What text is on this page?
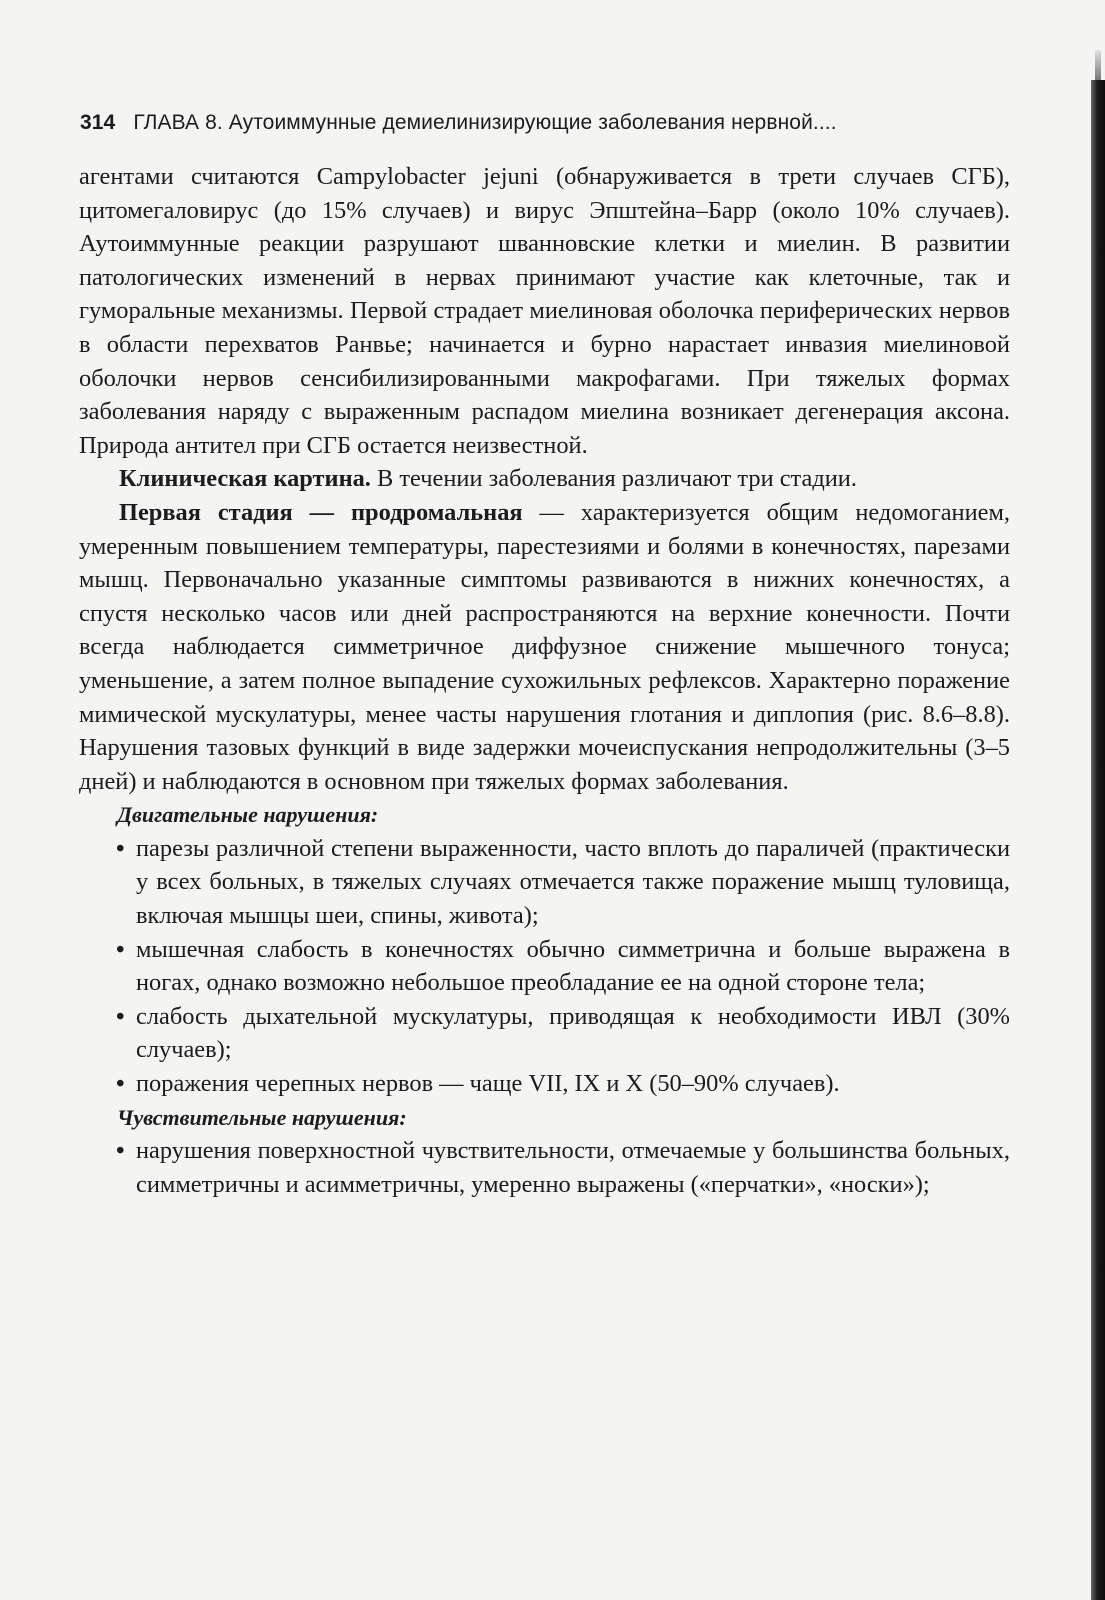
314 ГЛАВА 8. Аутоиммунные демиелинизирующие заболевания нервной....

агентами считаются Campylobacter jejuni (обнаруживается в трети случаев СГБ), цитомегаловирус (до 15% случаев) и вирус Эпштейна–Барр (около 10% случаев). Аутоиммунные реакции разрушают шванновские клетки и миелин. В развитии патологических изменений в нервах принимают участие как клеточные, так и гуморальные механизмы. Первой страдает миелиновая оболочка периферических нервов в области перехватов Ранвье; начинается и бурно нарастает инвазия миелиновой оболочки нервов сенсибилизированными макрофагами. При тяжелых формах заболевания наряду с выраженным распадом миелина возникает дегенерация аксона. Природа антител при СГБ остается неизвестной.

Клиническая картина. В течении заболевания различают три стадии.

Первая стадия — продромальная — характеризуется общим недомоганием, умеренным повышением температуры, парестезиями и болями в конечностях, парезами мышц. Первоначально указанные симптомы развиваются в нижних конечностях, а спустя несколько часов или дней распространяются на верхние конечности. Почти всегда наблюдается симметричное диффузное снижение мышечного тонуса; уменьшение, а затем полное выпадение сухожильных рефлексов. Характерно поражение мимической мускулатуры, менее часты нарушения глотания и диплопия (рис. 8.6–8.8). Нарушения тазовых функций в виде задержки мочеиспускания непродолжительны (3–5 дней) и наблюдаются в основном при тяжелых формах заболевания.

Двигательные нарушения:

• парезы различной степени выраженности, часто вплоть до параличей (практически у всех больных, в тяжелых случаях отмечается также поражение мышц туловища, включая мышцы шеи, спины, живота);
• мышечная слабость в конечностях обычно симметрична и больше выражена в ногах, однако возможно небольшое преобладание ее на одной стороне тела;
• слабость дыхательной мускулатуры, приводящая к необходимости ИВЛ (30% случаев);
• поражения черепных нервов — чаще VII, IX и X (50–90% случаев).

Чувствительные нарушения:

• нарушения поверхностной чувствительности, отмечаемые у большинства больных, симметричны и асимметричны, умеренно выражены («перчатки», «носки»);
